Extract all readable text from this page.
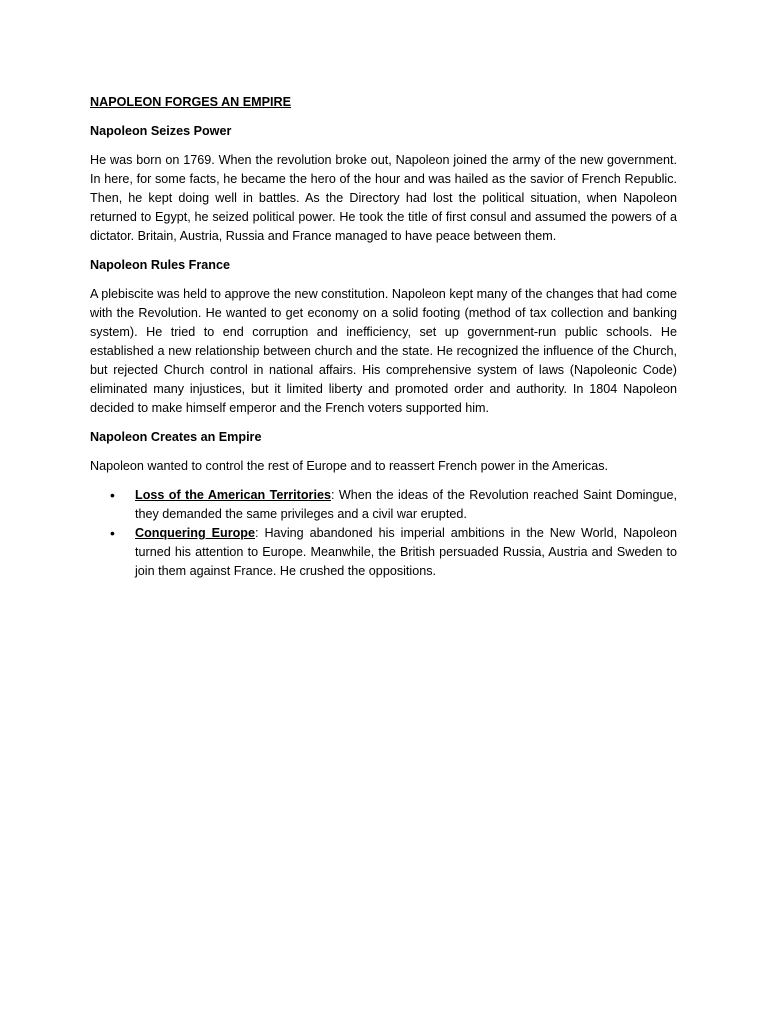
NAPOLEON FORGES AN EMPIRE
Napoleon Seizes Power

He was born on 1769. When the revolution broke out, Napoleon joined the army of the new government. In here, for some facts, he became the hero of the hour and was hailed as the savior of French Republic. Then, he kept doing well in battles. As the Directory had lost the political situation, when Napoleon returned to Egypt, he seized political power. He took the title of first consul and assumed the powers of a dictator. Britain, Austria, Russia and France managed to have peace between them.

Napoleon Rules France

A plebiscite was held to approve the new constitution. Napoleon kept many of the changes that had come with the Revolution. He wanted to get economy on a solid footing (method of tax collection and banking system). He tried to end corruption and inefficiency, set up government-run public schools. He established a new relationship between church and the state. He recognized the influence of the Church, but rejected Church control in national affairs. His comprehensive system of laws (Napoleonic Code) eliminated many injustices, but it limited liberty and promoted order and authority. In 1804 Napoleon decided to make himself emperor and the French voters supported him.

Napoleon Creates an Empire

Napoleon wanted to control the rest of Europe and to reassert French power in the Americas.

• Loss of the American Territories: When the ideas of the Revolution reached Saint Domingue, they demanded the same privileges and a civil war erupted.
• Conquering Europe: Having abandoned his imperial ambitions in the New World, Napoleon turned his attention to Europe. Meanwhile, the British persuaded Russia, Austria and Sweden to join them against France. He crushed the oppositions.
